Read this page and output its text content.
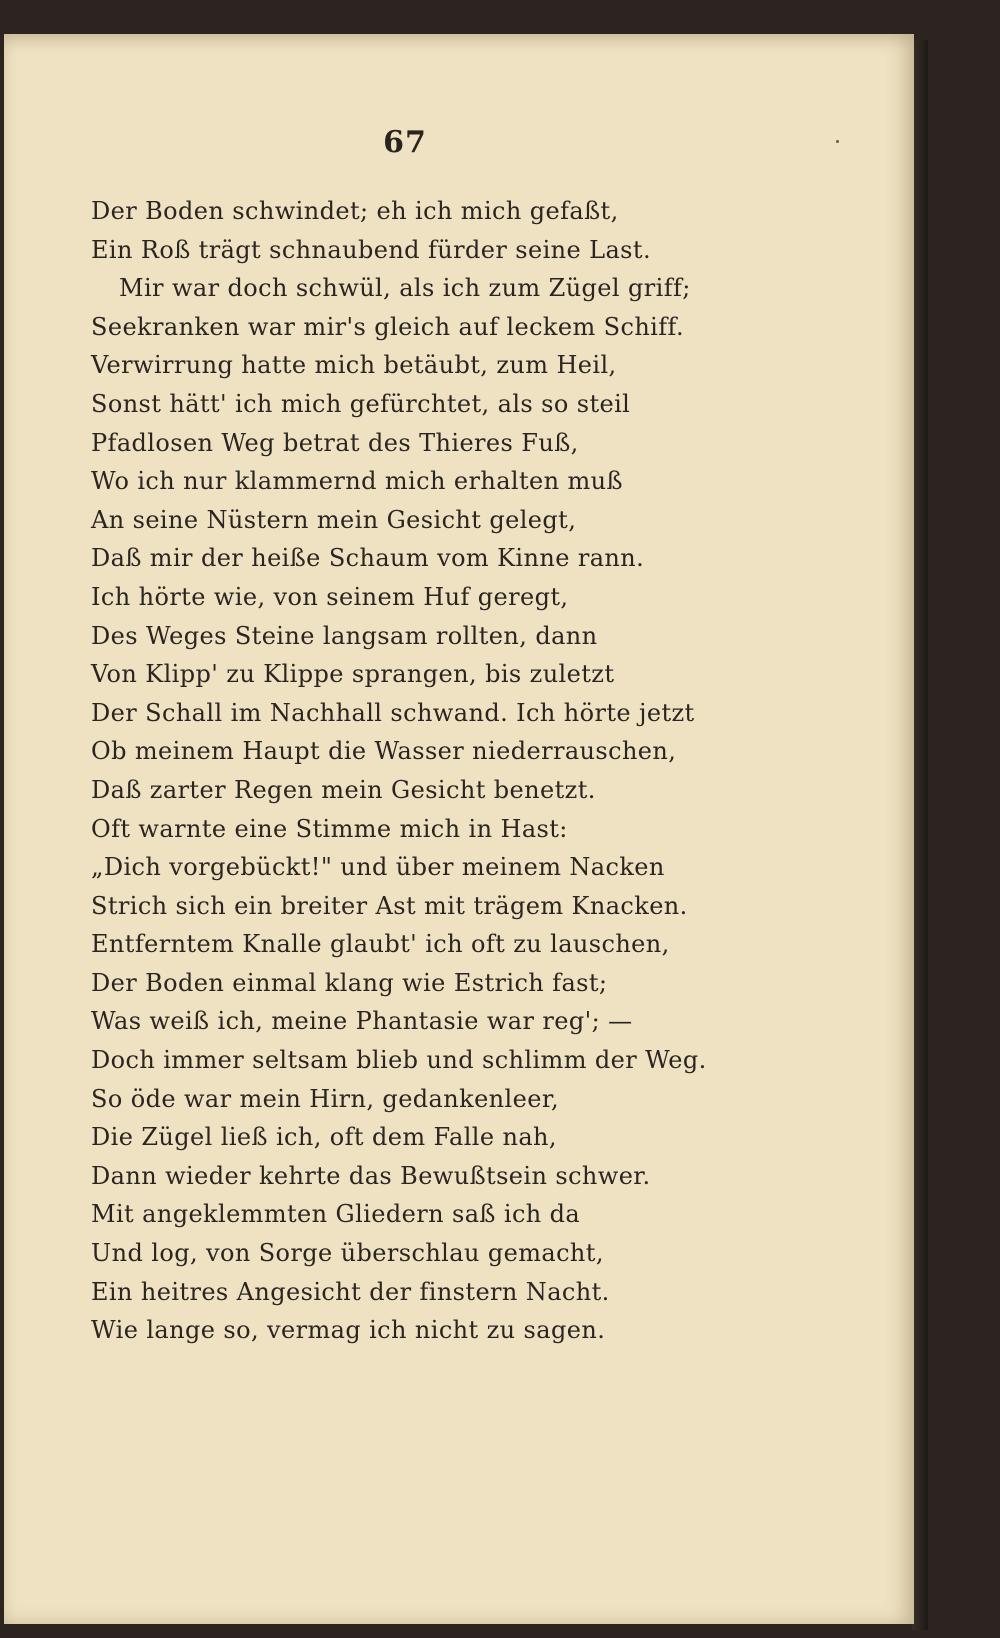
67
Der Boden schwindet; eh ich mich gefaßt,
Ein Roß trägt schnaubend fürder seine Last.
Mir war doch schwül, als ich zum Zügel griff;
Seekranken war mir's gleich auf leckem Schiff.
Verwirrung hatte mich betäubt, zum Heil,
Sonst hätt' ich mich gefürchtet, als so steil
Pfadlosen Weg betrat des Thieres Fuß,
Wo ich nur klammernd mich erhalten muß
An seine Nüstern mein Gesicht gelegt,
Daß mir der heiße Schaum vom Kinne rann.
Ich hörte wie, von seinem Huf geregt,
Des Weges Steine langsam rollten, dann
Von Klipp' zu Klippe sprangen, bis zuletzt
Der Schall im Nachhall schwand. Ich hörte jetzt
Ob meinem Haupt die Wasser niederrauschen,
Daß zarter Regen mein Gesicht benetzt.
Oft warnte eine Stimme mich in Hast:
„Dich vorgebückt!" und über meinem Nacken
Strich sich ein breiter Ast mit trägem Knacken.
Entferntem Knalle glaubt' ich oft zu lauschen,
Der Boden einmal klang wie Estrich fast;
Was weiß ich, meine Phantasie war reg'; —
Doch immer seltsam blieb und schlimm der Weg.
So öde war mein Hirn, gedankenleer,
Die Zügel ließ ich, oft dem Falle nah,
Dann wieder kehrte das Bewußtsein schwer.
Mit angeklemmten Gliedern saß ich da
Und log, von Sorge überschlau gemacht,
Ein heitres Angesicht der finstern Nacht.
Wie lange so, vermag ich nicht zu sagen.
